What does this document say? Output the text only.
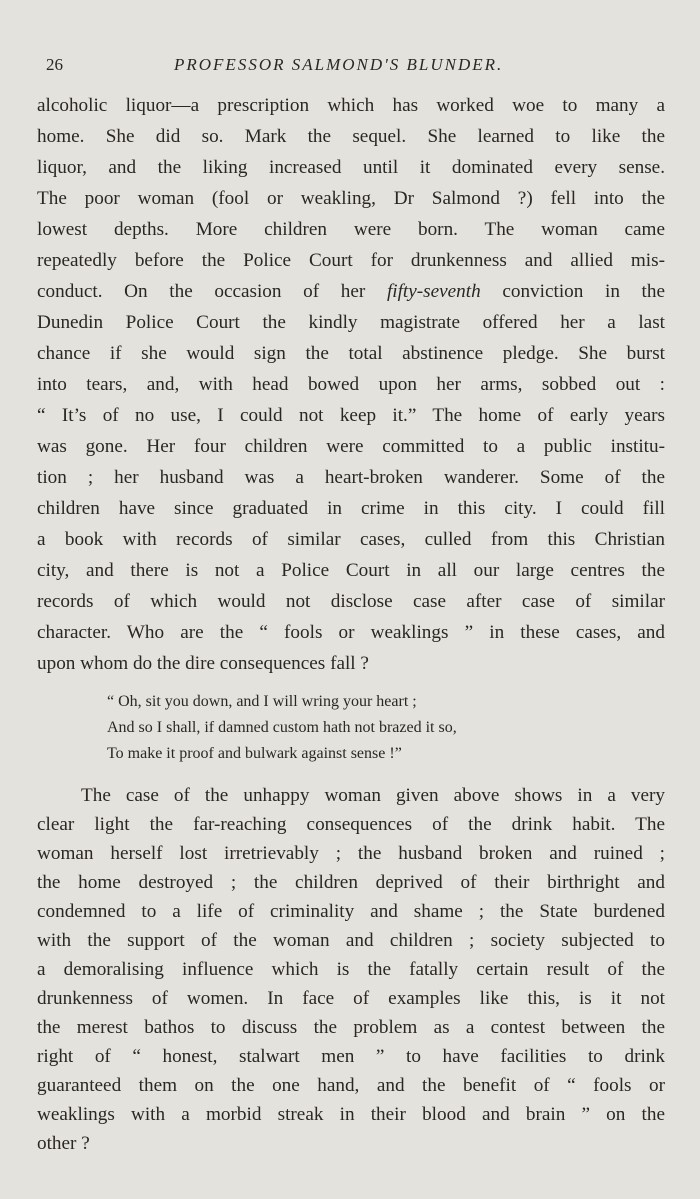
26	PROFESSOR SALMOND'S BLUNDER.

alcoholic liquor—a prescription which has worked woe to many a
home. She did so. Mark the sequel. She learned to like the
liquor, and the liking increased until it dominated every sense.
The poor woman (fool or weakling, Dr Salmond ?) fell into the
lowest depths. More children were born. The woman came
repeatedly before the Police Court for drunkenness and allied mis-
conduct. On the occasion of her fifty-seventh conviction in the
Dunedin Police Court the kindly magistrate offered her a last
chance if she would sign the total abstinence pledge. She burst
into tears, and, with head bowed upon her arms, sobbed out :
“ It’s of no use, I could not keep it.” The home of early years
was gone. Her four children were committed to a public institu-
tion ; her husband was a heart-broken wanderer. Some of the
children have since graduated in crime in this city. I could fill
a book with records of similar cases, culled from this Christian
city, and there is not a Police Court in all our large centres the
records of which would not disclose case after case of similar
character. Who are the “ fools or weaklings ” in these cases, and
upon whom do the dire consequences fall ?

“ Oh, sit you down, and I will wring your heart ;
And so I shall, if damned custom hath not brazed it so,
To make it proof and bulwark against sense !”

The case of the unhappy woman given above shows in a very
clear light the far-reaching consequences of the drink habit. The
woman herself lost irretrievably ; the husband broken and ruined ;
the home destroyed ; the children deprived of their birthright and
condemned to a life of criminality and shame ; the State burdened
with the support of the woman and children ; society subjected to
a demoralising influence which is the fatally certain result of the
drunkenness of women. In face of examples like this, is it not
the merest bathos to discuss the problem as a contest between the
right of “ honest, stalwart men ” to have facilities to drink
guaranteed them on the one hand, and the benefit of “ fools or
weaklings with a morbid streak in their blood and brain ” on the
other ?
